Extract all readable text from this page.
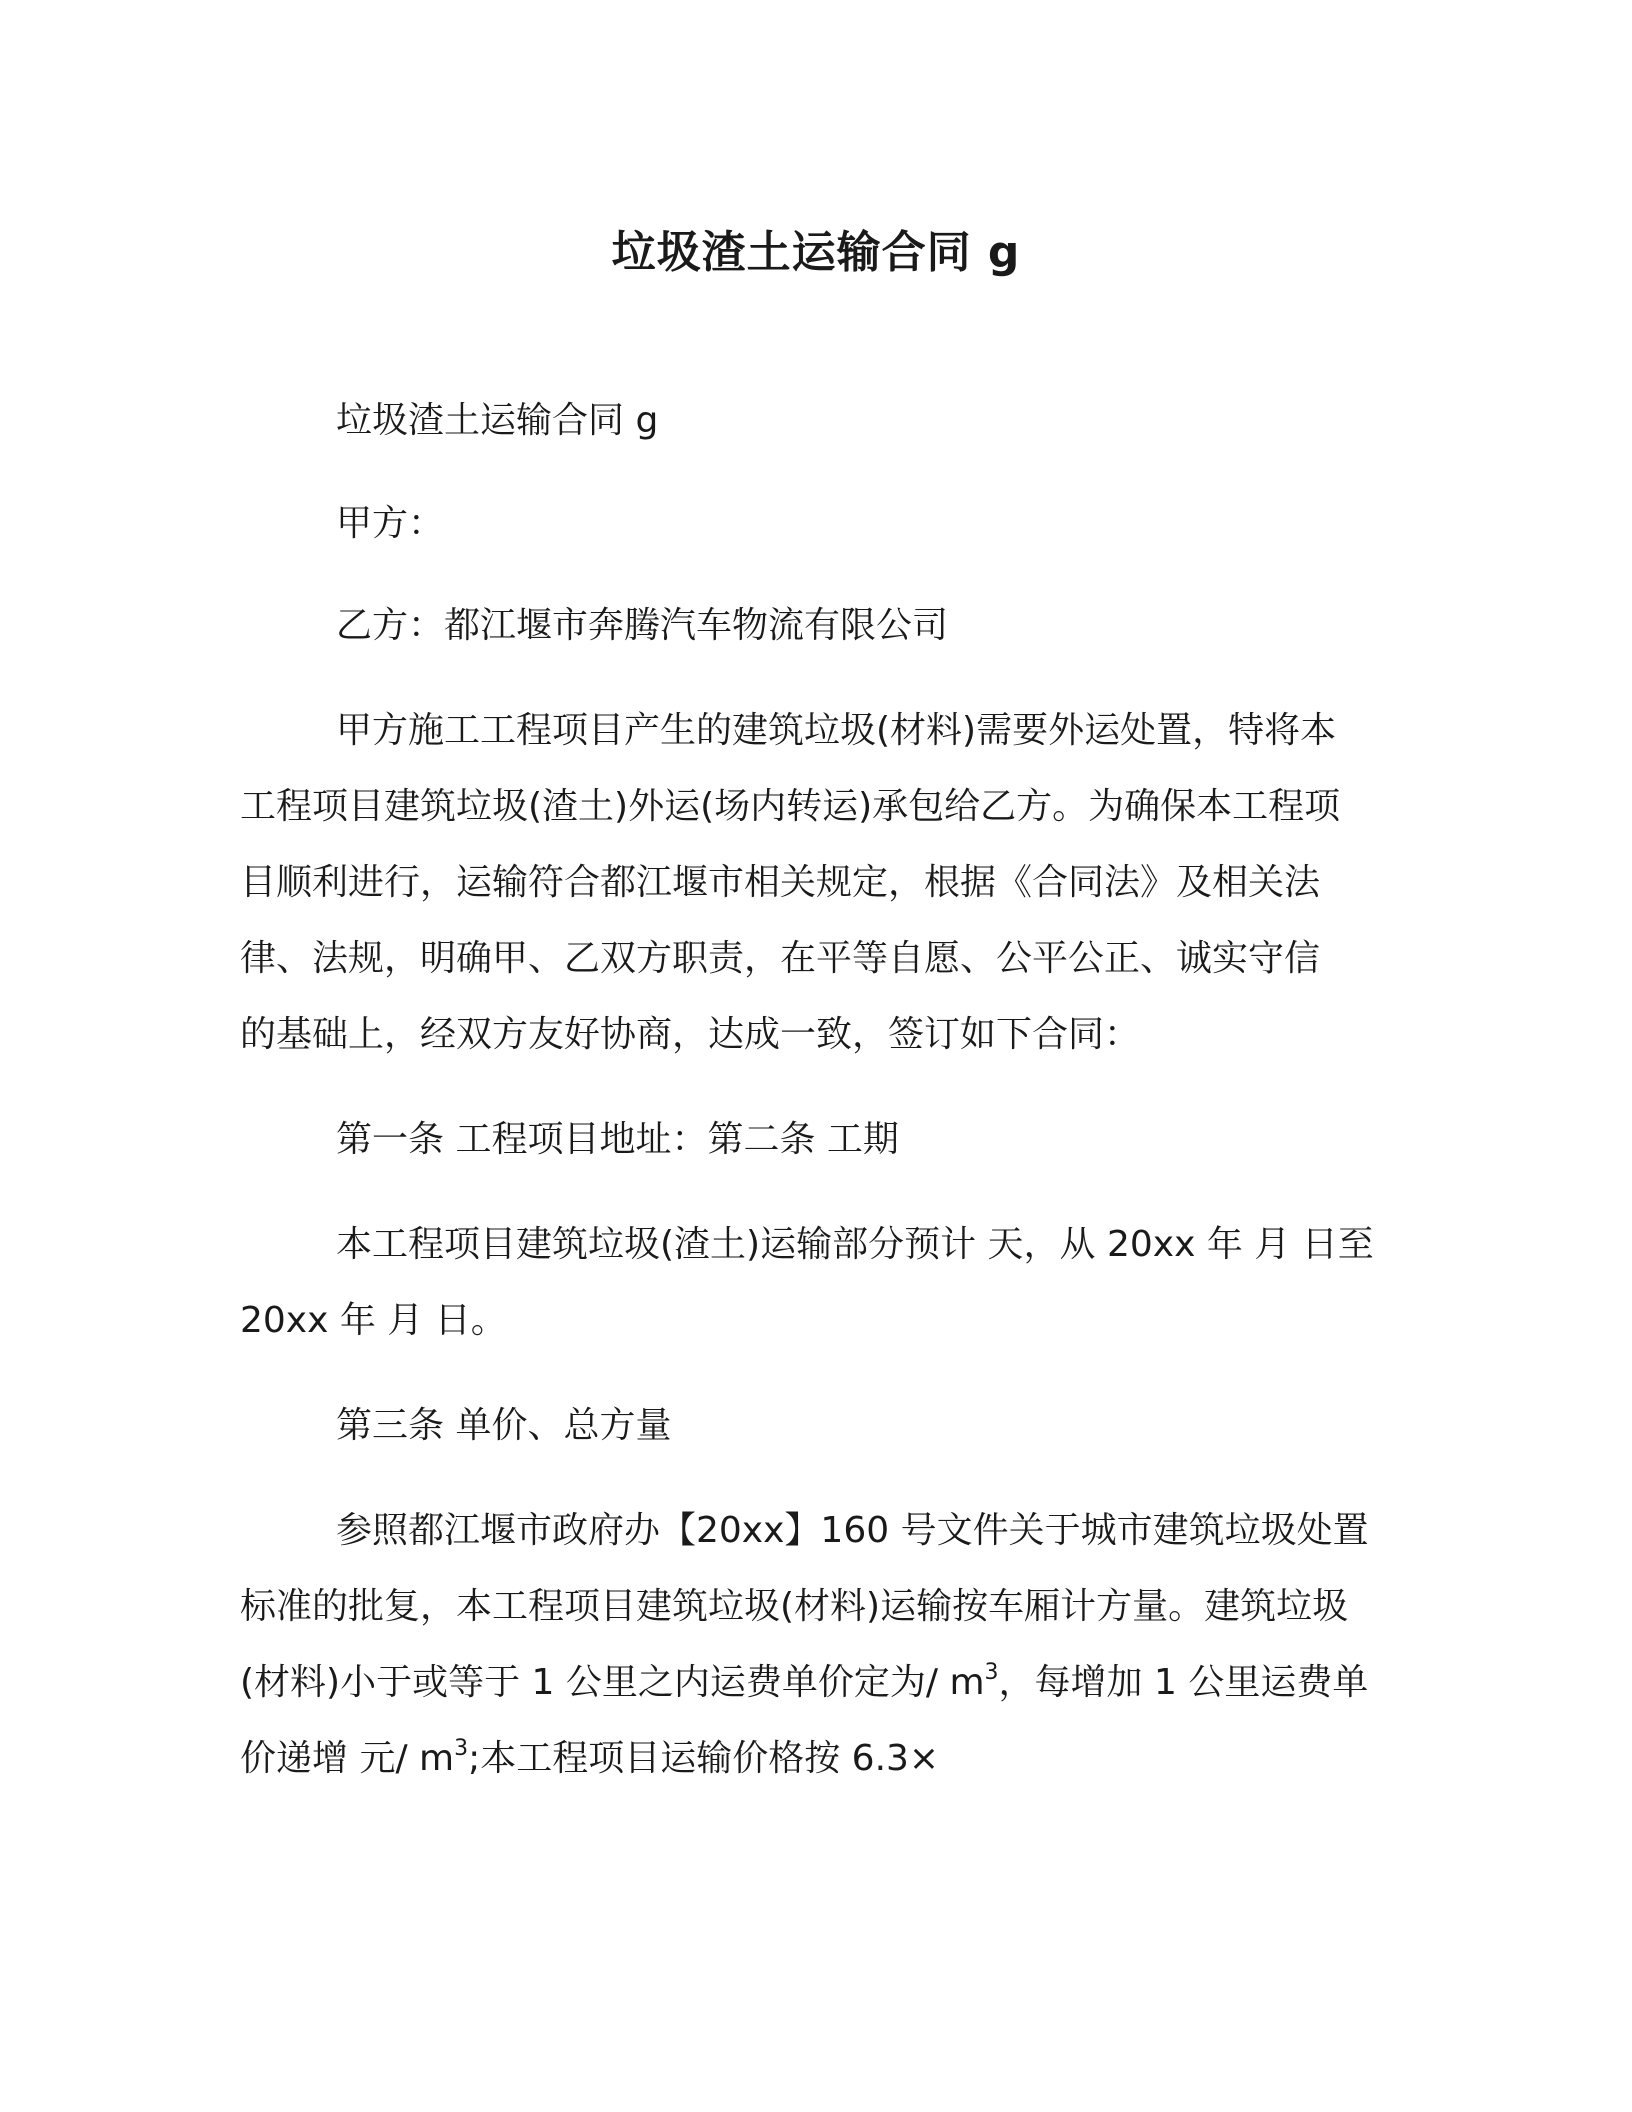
垃圾渣土运输合同 g

垃圾渣土运输合同 g

甲方：

乙方：都江堰市奔腾汽车物流有限公司

甲方施工工程项目产生的建筑垃圾(材料)需要外运处置，特将本

工程项目建筑垃圾(渣土)外运(场内转运)承包给乙方。为确保本工程项

目顺利进行，运输符合都江堰市相关规定，根据《合同法》及相关法

律、法规，明确甲、乙双方职责，在平等自愿、公平公正、诚实守信

的基础上，经双方友好协商，达成一致，签订如下合同：

第一条 工程项目地址：第二条 工期

本工程项目建筑垃圾(渣土)运输部分预计 天，从 20xx 年 月 日至

20xx 年 月 日。

第三条 单价、总方量

参照都江堰市政府办【20xx】160 号文件关于城市建筑垃圾处置

标准的批复，本工程项目建筑垃圾(材料)运输按车厢计方量。建筑垃圾

(材料)小于或等于 1 公里之内运费单价定为/ $m^3$，每增加 1 公里运费单

价递增 元/ $m^3$;本工程项目运输价格按 6.3×
